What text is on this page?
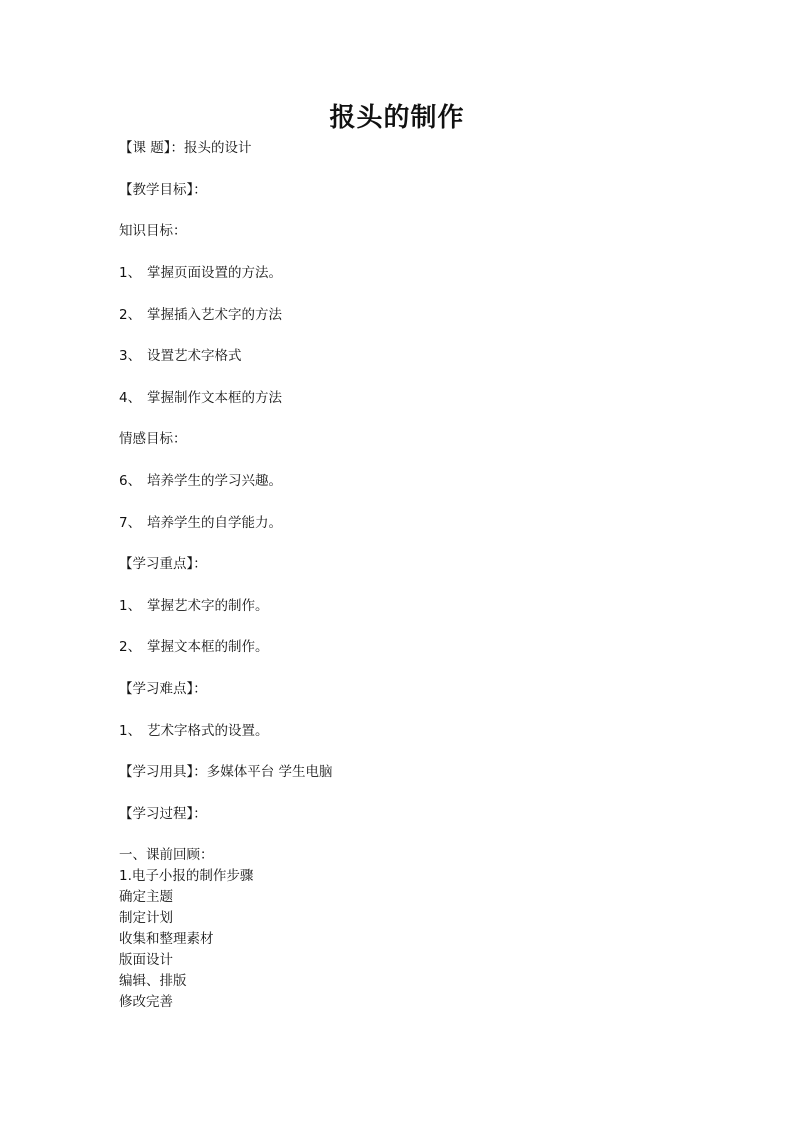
报头的制作
【课 题】：报头的设计
【教学目标】：
知识目标：
1、 掌握页面设置的方法。
2、 掌握插入艺术字的方法
3、 设置艺术字格式
4、 掌握制作文本框的方法
情感目标：
6、 培养学生的学习兴趣。
7、 培养学生的自学能力。
【学习重点】：
1、 掌握艺术字的制作。
2、 掌握文本框的制作。
【学习难点】：
1、 艺术字格式的设置。
【学习用具】：多媒体平台 学生电脑
【学习过程】：
一、课前回顾：
1.电子小报的制作步骤
确定主题
制定计划
收集和整理素材
版面设计
编辑、排版
修改完善
